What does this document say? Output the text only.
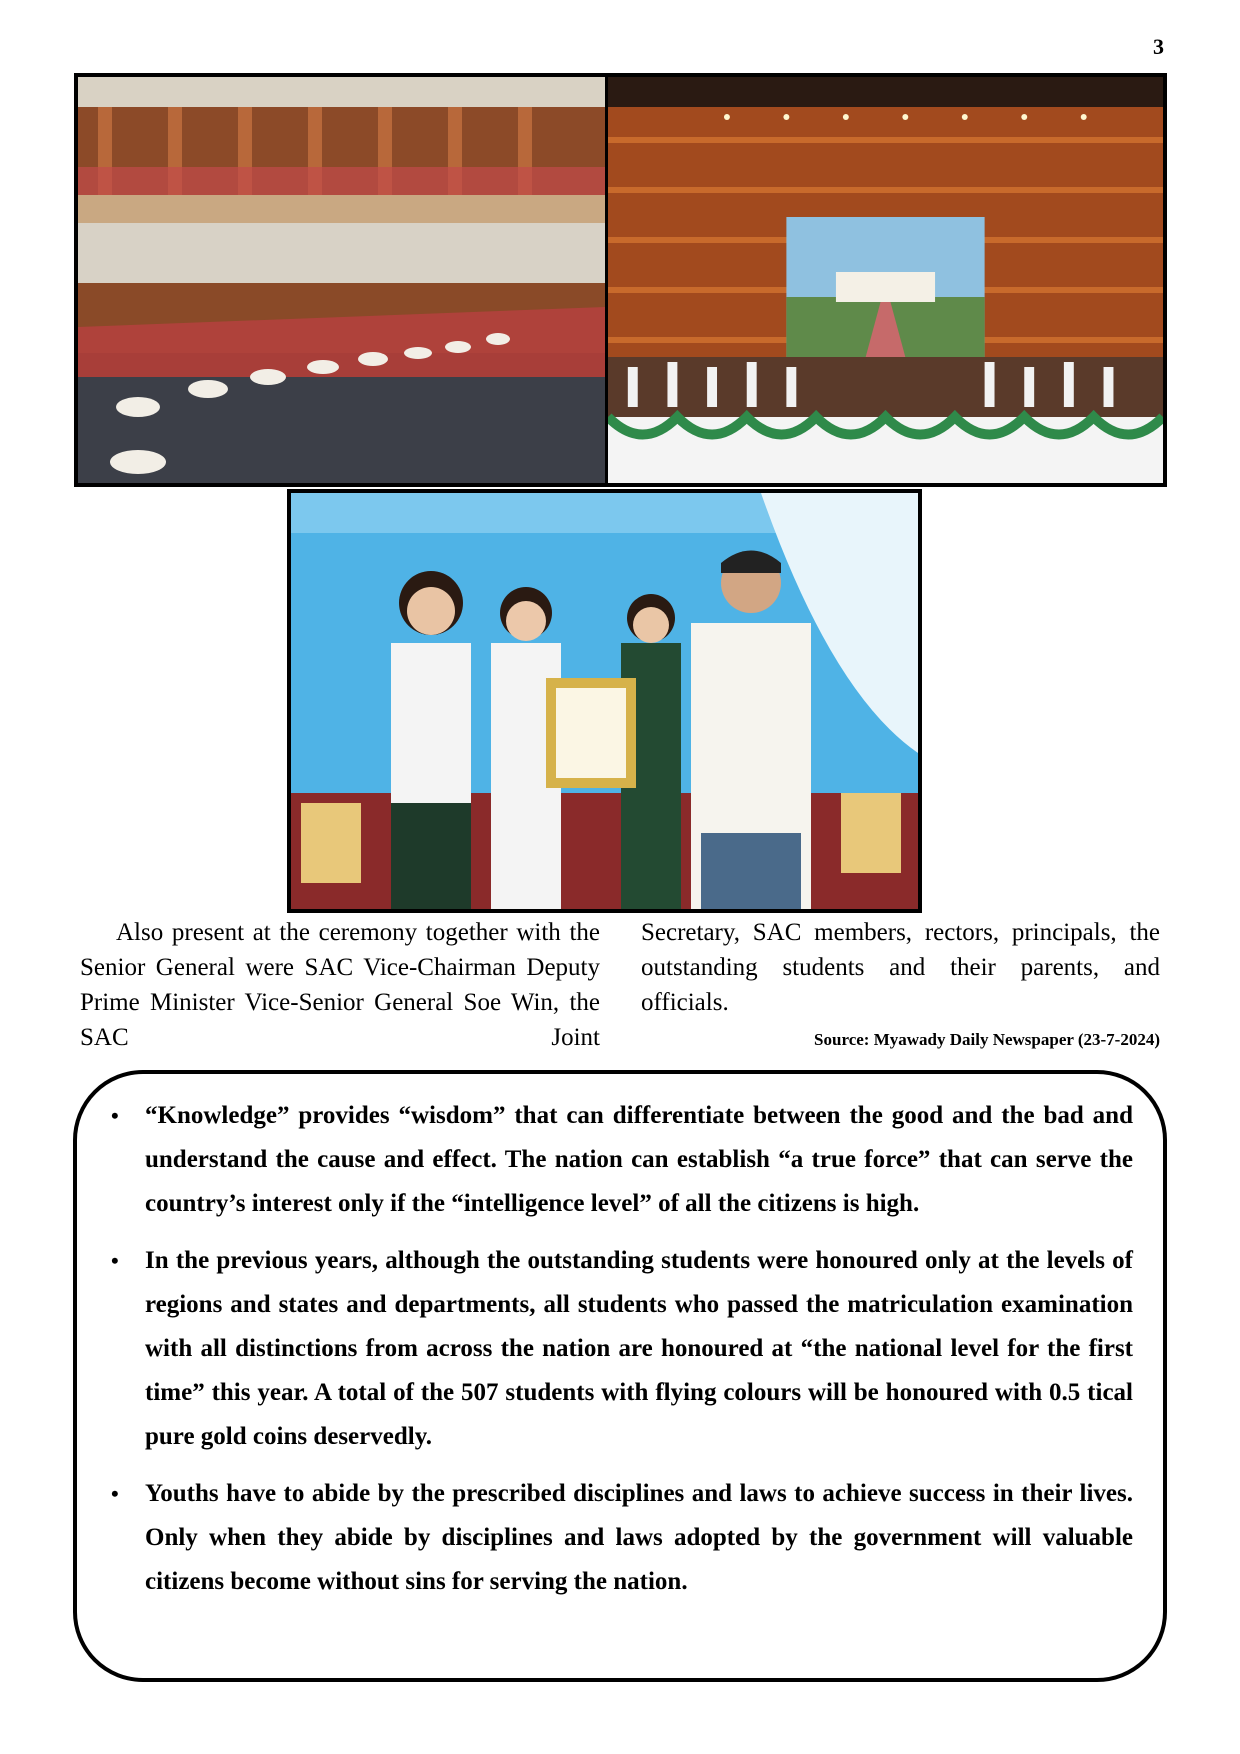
3
Also present at the ceremony together with the Senior General were SAC Vice-Chairman Deputy Prime Minister Vice-Senior General Soe Win, the SAC Joint
Secretary, SAC members, rectors, principals, the outstanding students and their parents, and officials.
Source: Myawady Daily Newspaper (23-7-2024)
• “Knowledge” provides “wisdom” that can differentiate between the good and the bad and understand the cause and effect. The nation can establish “a true force” that can serve the country’s interest only if the “intelligence level” of all the citizens is high.
• In the previous years, although the outstanding students were honoured only at the levels of regions and states and departments, all students who passed the matriculation examination with all distinctions from across the nation are honoured at “the national level for the first time” this year. A total of the 507 students with flying colours will be honoured with 0.5 tical pure gold coins deservedly.
• Youths have to abide by the prescribed disciplines and laws to achieve success in their lives. Only when they abide by disciplines and laws adopted by the government will valuable citizens become without sins for serving the nation.
